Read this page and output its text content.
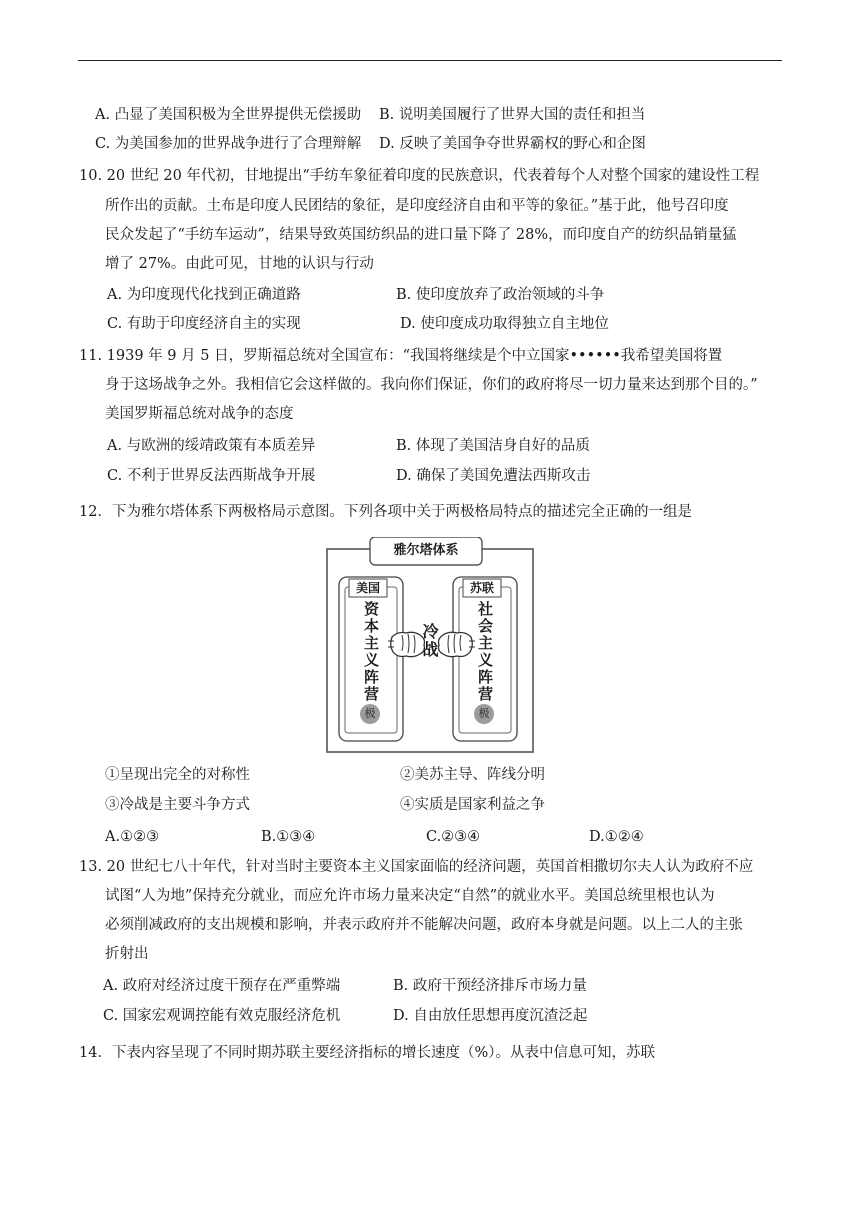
A. 凸显了美国积极为全世界提供无偿援助 B. 说明美国履行了世界大国的责任和担当
C. 为美国参加的世界战争进行了合理辩解 D. 反映了美国争夺世界霸权的野心和企图
10. 20 世纪 20 年代初，甘地提出“手纺车象征着印度的民族意识，代表着每个人对整个国家的建设性工程
所作出的贡献。土布是印度人民团结的象征，是印度经济自由和平等的象征。”基于此，他号召印度
民众发起了“手纺车运动”，结果导致英国纺织品的进口量下降了 28%，而印度自产的纺织品销量猛
增了 27%。由此可见，甘地的认识与行动
A. 为印度现代化找到正确道路	B. 使印度放弃了政治领域的斗争
C. 有助于印度经济自主的实现	D. 使印度成功取得独立自主地位
11. 1939 年 9 月 5 日，罗斯福总统对全国宣布：“我国将继续是个中立国家••••••我希望美国将置
身于这场战争之外。我相信它会这样做的。我向你们保证，你们的政府将尽一切力量来达到那个目的。”
美国罗斯福总统对战争的态度
A. 与欧洲的绥靖政策有本质差异	B. 体现了美国洁身自好的品质
C. 不利于世界反法西斯战争开展	D. 确保了美国免遭法西斯攻击
12．下为雅尔塔体系下两极格局示意图。下列各项中关于两极格局特点的描述完全正确的一组是
雅尔塔体系
美国	苏联
资本主义阵营	社会主义阵营
冷战
极	极
①呈现出完全的对称性	②美苏主导、阵线分明
③冷战是主要斗争方式	④实质是国家利益之争
A.①②③	B.①③④	C.②③④	D.①②④
13. 20 世纪七八十年代，针对当时主要资本主义国家面临的经济问题，英国首相撒切尔夫人认为政府不应
试图“人为地”保持充分就业，而应允许市场力量来决定“自然”的就业水平。美国总统里根也认为
必须削减政府的支出规模和影响，并表示政府并不能解决问题，政府本身就是问题。以上二人的主张
折射出
A. 政府对经济过度干预存在严重弊端	B. 政府干预经济排斥市场力量
C. 国家宏观调控能有效克服经济危机	D. 自由放任思想再度沉渣泛起
14．下表内容呈现了不同时期苏联主要经济指标的增长速度（%）。从表中信息可知，苏联
